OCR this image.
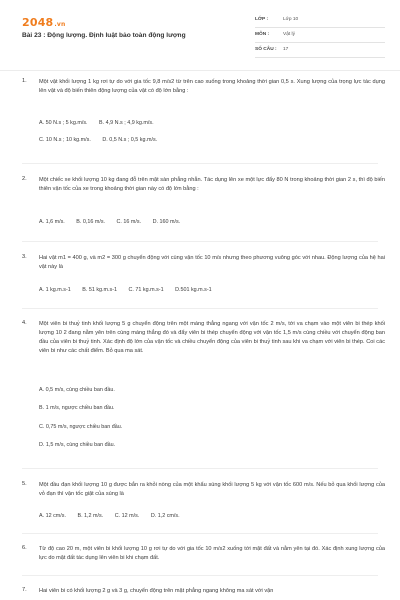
2048.vn
Bài 23 : Động lượng. Định luật bảo toàn động lượng
LỚP :	Lớp 10
MÔN :	Vật lý
SỐ CÂU : 17
1. Một vật khối lượng 1 kg rơi tự do với gia tốc 9,8 m/s2 từ trên cao xuống trong khoảng thời gian 0,5 s. Xung lượng của trọng lực tác dụng lên vật và độ biến thiên động lượng của vật có độ lớn bằng :
A. 50 N.s ; 5 kg.m/s. B. 4,9 N.s ; 4,9 kg.m/s.
C. 10 N.s ; 10 kg.m/s. D. 0,5 N.s ; 0,5 kg.m/s.
2. Một chiếc xe khối lượng 10 kg đang đỗ trên mặt sàn phẳng nhẵn. Tác dụng lên xe một lực đẩy 80 N trong khoảng thời gian 2 s, thì độ biến thiên vận tốc của xe trong khoảng thời gian này có độ lớn bằng :
A. 1,6 m/s. B. 0,16 m/s. C. 16 m/s. D. 160 m/s.
3. Hai vật m1 = 400 g, và m2 = 300 g chuyển động với cùng vận tốc 10 m/s nhưng theo phương vuông góc với nhau. Động lượng của hệ hai vật này là
A. 1 kg.m.s-1 B. 51 kg.m.s-1 C. 71 kg.m.s-1 D.501 kg.m.s-1
4. Một viên bi thuỷ tinh khối lượng 5 g chuyển động trên một máng thẳng ngang với vận tốc 2 m/s, tới va chạm vào một viên bi thép khối lượng 10 2 đang nằm yên trên cùng máng thẳng đó và đẩy viên bi thép chuyển động với vận tốc 1,5 m/s cùng chiều với chuyển động ban đầu của viên bi thuỷ tinh. Xác định độ lớn của vận tốc và chiều chuyển động của viên bi thuỷ tinh sau khi va chạm với viên bi thép. Coi các viên bi như các chất điểm. Bỏ qua ma sát.
A. 0,5 m/s, cùng chiều ban đầu.
B. 1 m/s, ngược chiều ban đầu.
C. 0,75 m/s, ngược chiều ban đầu.
D. 1,5 m/s, cùng chiều ban đầu.
5. Một đầu đạn khối lượng 10 g được bắn ra khỏi nòng của một khẩu súng khối lượng 5 kg với vận tốc 600 m/s. Nếu bỏ qua khối lượng của vỏ đạn thì vận tốc giật của súng là
A. 12 cm/s. B. 1,2 m/s. C. 12 m/s. D. 1,2 cm/s.
6. Từ độ cao 20 m, một viên bi khối lượng 10 g rơi tự do với gia tốc 10 m/s2 xuống tới mặt đất và nằm yên tại đó. Xác định xung lượng của lực do mặt đất tác dụng lên viên bi khi chạm đất.
7. Hai viên bi có khối lượng 2 g và 3 g, chuyển động trên mặt phẳng ngang không ma sát với vận
